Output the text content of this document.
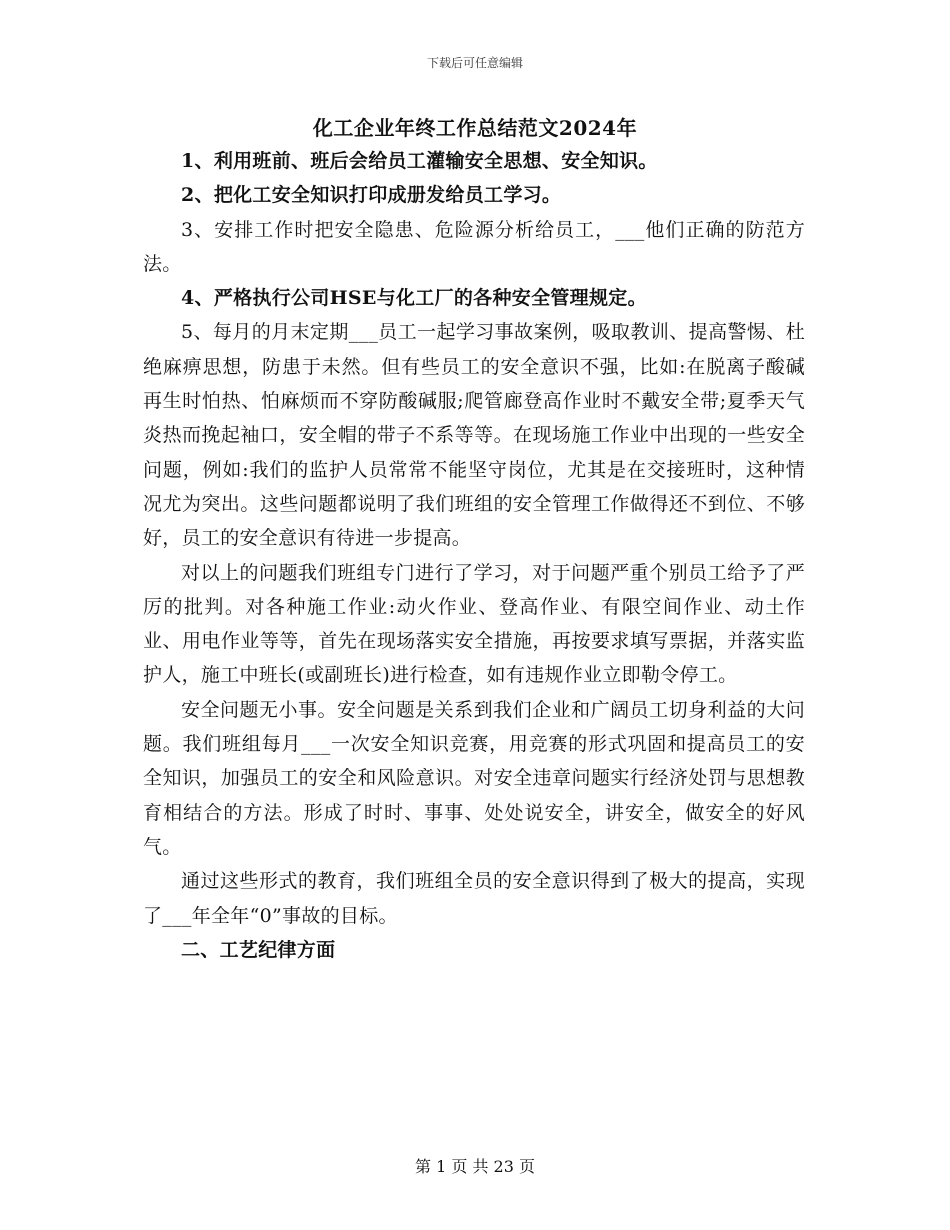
下载后可任意编辑
化工企业年终工作总结范文2024年

1、利用班前、班后会给员工灌输安全思想、安全知识。

2、把化工安全知识打印成册发给员工学习。

3、安排工作时把安全隐患、危险源分析给员工，___他们正确的防范方法。

4、严格执行公司HSE与化工厂的各种安全管理规定。

5、每月的月末定期___员工一起学习事故案例，吸取教训、提高警惕、杜绝麻痹思想，防患于未然。但有些员工的安全意识不强，比如:在脱离子酸碱再生时怕热、怕麻烦而不穿防酸碱服;爬管廊登高作业时不戴安全带;夏季天气炎热而挽起袖口，安全帽的带子不系等等。在现场施工作业中出现的一些安全问题，例如:我们的监护人员常常不能坚守岗位，尤其是在交接班时，这种情况尤为突出。这些问题都说明了我们班组的安全管理工作做得还不到位、不够好，员工的安全意识有待进一步提高。

对以上的问题我们班组专门进行了学习，对于问题严重个别员工给予了严厉的批判。对各种施工作业:动火作业、登高作业、有限空间作业、动土作业、用电作业等等，首先在现场落实安全措施，再按要求填写票据，并落实监护人，施工中班长(或副班长)进行检查，如有违规作业立即勒令停工。

安全问题无小事。安全问题是关系到我们企业和广阔员工切身利益的大问题。我们班组每月___一次安全知识竞赛，用竞赛的形式巩固和提高员工的安全知识，加强员工的安全和风险意识。对安全违章问题实行经济处罚与思想教育相结合的方法。形成了时时、事事、处处说安全，讲安全，做安全的好风气。

通过这些形式的教育，我们班组全员的安全意识得到了极大的提高，实现了___年全年“0”事故的目标。

二、工艺纪律方面

第 1 页 共 23 页
